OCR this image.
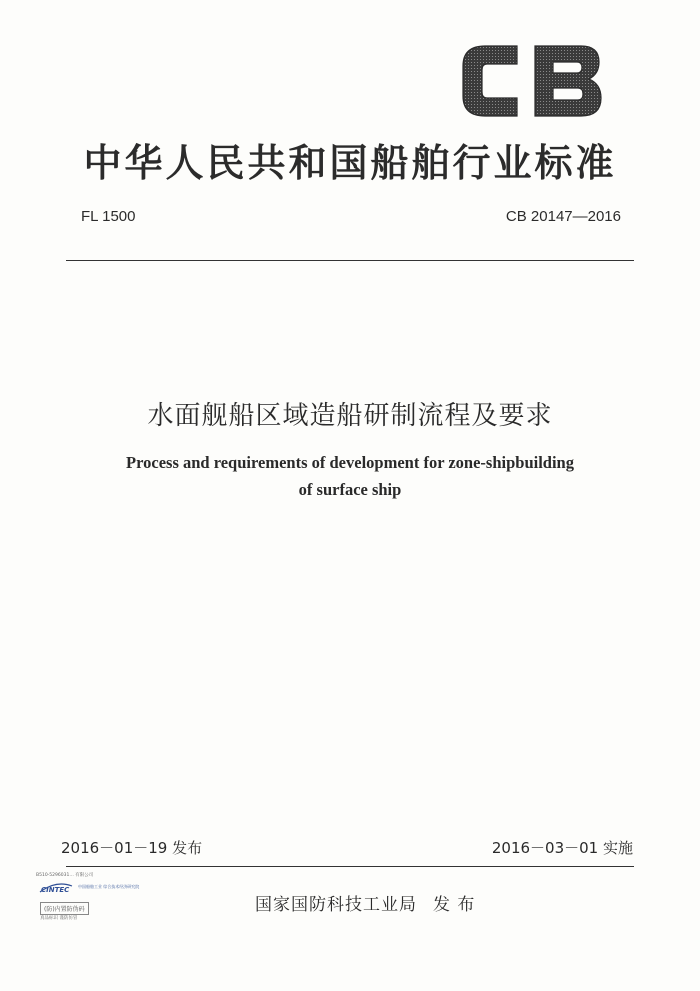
中华人民共和国船舶行业标准
FL 1500	CB 20147—2016
水面舰船区域造船研制流程及要求
Process and requirements of development for zone-shipbuilding
of surface ship
2016－01－19 发布	2016－03－01 实施
国家国防科技工业局 发 布
B510-5296031… 有限公司
CINTEC 中国船舶工业 综合技术经济研究院
(防)内置防伪码
真品标识 谨防仿冒
